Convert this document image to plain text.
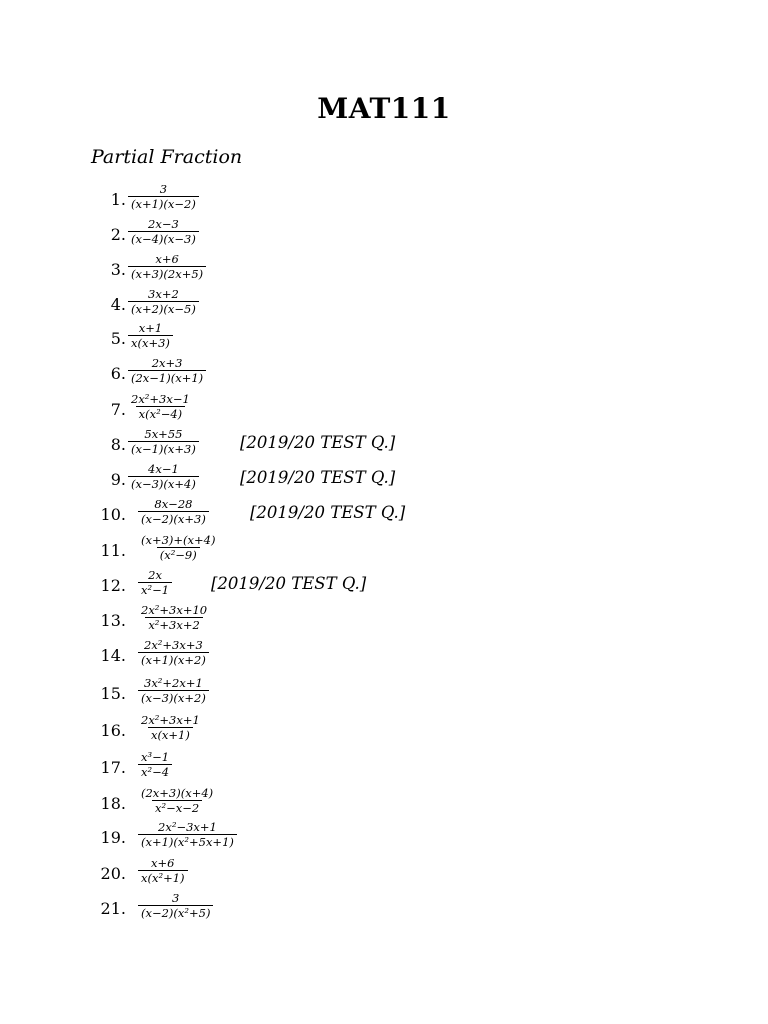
MAT111
Partial Fraction
1. $\frac{3}{(x+1)(x-2)}$
2. $\frac{2x-3}{(x-4)(x-3)}$
3. $\frac{x+6}{(x+3)(2x+5)}$
4. $\frac{3x+2}{(x+2)(x-5)}$
5. $\frac{x+1}{x(x+3)}$
6. $\frac{2x+3}{(2x-1)(x+1)}$
7. $\frac{\text{2x²+3x−1}}{\text{x(x²−4)}}$
8. $\frac{5x+55}{(x-1)(x+3)} [2019/20$ TEST Q.]
9. $\frac{4x-1}{(x-3)(x+4)} [2019/20$ TEST Q.]
10. $\frac{8x-28}{(x-2)(x+3)} [2019/20$ TEST Q.]
11. $\frac{(x+3)+(x+4)}{\text{(x²−9)}}$
12. $\frac{2x}{\text{x²−1}} [2019/20$ TEST Q.]
13. $\frac{\text{2x²+3x+10}}{\text{x²+3x+2}}$
14. $\frac{\text{2x²+3x+3}}{(x+1)(x+2)}$
15. $\frac{\text{3x²+2x+1}}{(x-3)(x+2)}$
16. $\frac{\text{2x²+3x+1}}{x(x+1)}$
17. $\frac{\text{x³−1}}{\text{x²−4}}$
18. $\frac{(2x+3)(x+4)}{\text{x²−x−2}}$
19. $\frac{\text{2x²−3x+1}}{\text{(x+1)(x²+5x+1)}}$
20. $\frac{x+6}{\text{x(x²+1)}}$
21. $\frac{3}{\text{(x−2)(x²+5)}}$
